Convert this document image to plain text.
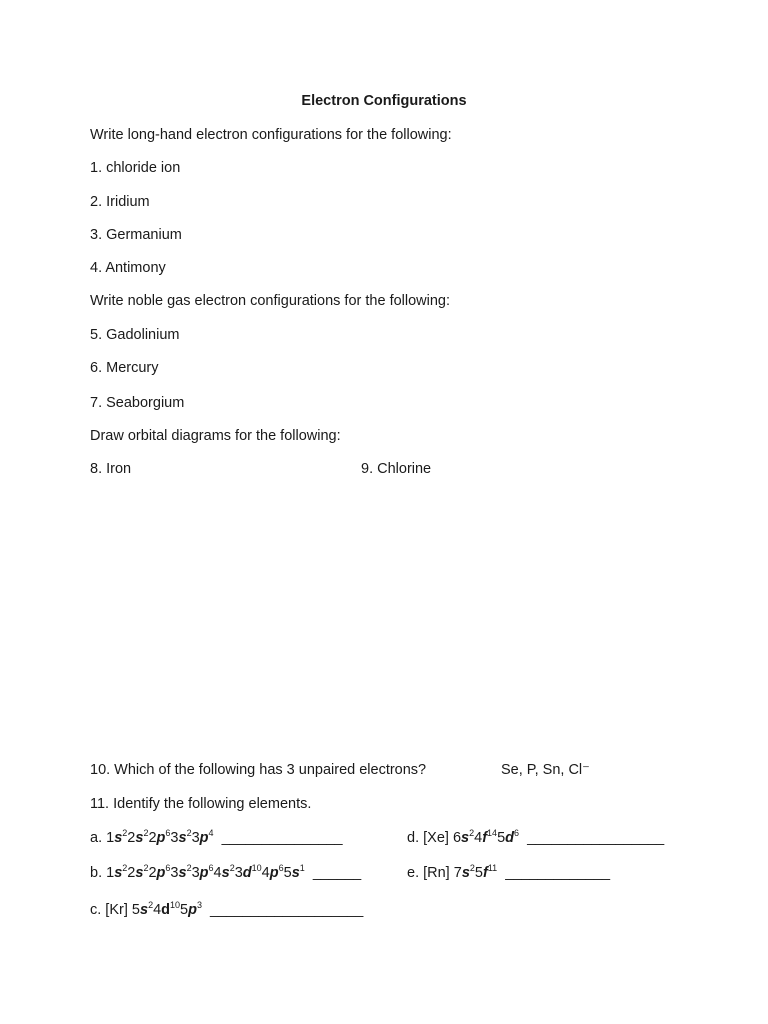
Electron Configurations
Write long-hand electron configurations for the following:
1. chloride ion
2. Iridium
3. Germanium
4. Antimony
Write noble gas electron configurations for the following:
5. Gadolinium
6. Mercury
7. Seaborgium
Draw orbital diagrams for the following:
8. Iron	9. Chlorine
10. Which of the following has 3 unpaired electrons?	Se, P, Sn, Cl⁻
11. Identify the following elements.
a. $1s^22s^22p^63s^23p^4$ _______________	d. [Xe] $6s^24f^{14}5d^6$ _________________
b. $1s^22s^22p^63s^23p^64s^23d^{10}4p^65s^1$ ______	e. [Rn] $7s^25f^{11}$ _____________
c. [Kr] $5s^24d^{10}5p^3$ ___________________
